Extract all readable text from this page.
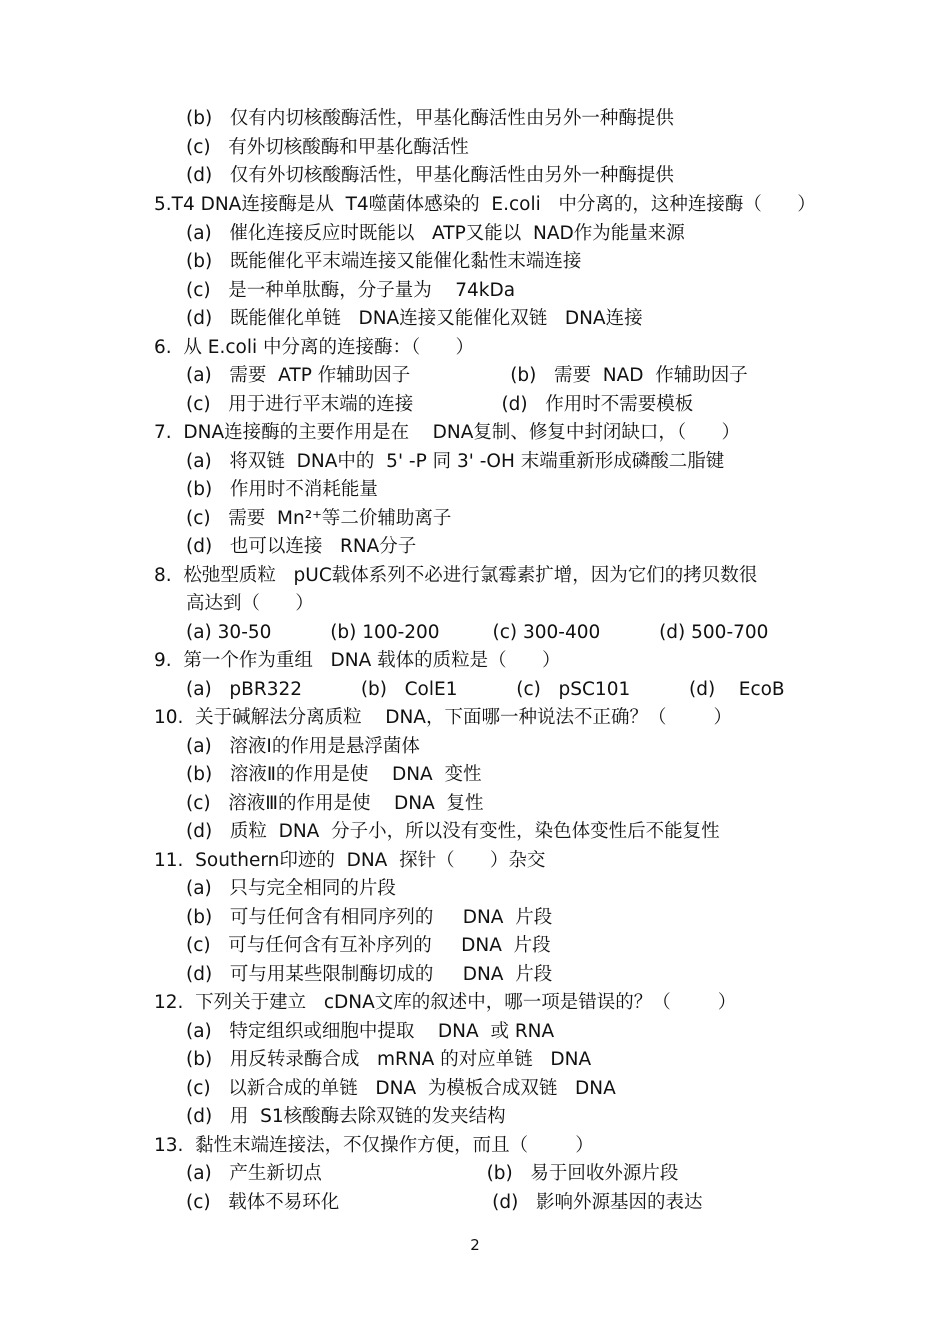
(b)   仅有内切核酸酶活性，甲基化酶活性由另外一种酶提供
(c)   有外切核酸酶和甲基化酶活性
(d)   仅有外切核酸酶活性，甲基化酶活性由另外一种酶提供
5.T4 DNA连接酶是从  T4噬菌体感染的  E.coli   中分离的，这种连接酶（      ）
(a)   催化连接反应时既能以   ATP又能以  NAD作为能量来源
(b)   既能催化平末端连接又能催化黏性末端连接
(c)   是一种单肽酶，分子量为    74kDa
(d)   既能催化单链   DNA连接又能催化双链   DNA连接
6.  从 E.coli 中分离的连接酶：（      ）
(a)   需要  ATP 作辅助因子                 (b)   需要  NAD  作辅助因子
(c)   用于进行平末端的连接               (d)   作用时不需要模板
7.  DNA连接酶的主要作用是在    DNA复制、修复中封闭缺口，（      ）
(a)   将双链  DNA中的  5' -P 同 3' -OH 末端重新形成磷酸二脂键
(b)   作用时不消耗能量
(c)   需要  Mn²⁺等二价辅助离子
(d)   也可以连接   RNA分子
8.  松弛型质粒   pUC载体系列不必进行氯霉素扩增，因为它们的拷贝数很
高达到（      ）
(a) 30-50          (b) 100-200         (c) 300-400          (d) 500-700
9.  第一个作为重组   DNA 载体的质粒是（      ）
(a)   pBR322          (b)   ColE1          (c)   pSC101          (d)    EcoB
10.  关于碱解法分离质粒    DNA，下面哪一种说法不正确？（        ）
(a)   溶液Ⅰ的作用是悬浮菌体
(b)   溶液Ⅱ的作用是使    DNA  变性
(c)   溶液Ⅲ的作用是使    DNA  复性
(d)   质粒  DNA  分子小，所以没有变性，染色体变性后不能复性
11.  Southern印迹的  DNA  探针（      ）杂交
(a)   只与完全相同的片段
(b)   可与任何含有相同序列的     DNA  片段
(c)   可与任何含有互补序列的     DNA  片段
(d)   可与用某些限制酶切成的     DNA  片段
12.  下列关于建立   cDNA文库的叙述中，哪一项是错误的？（        ）
(a)   特定组织或细胞中提取    DNA  或 RNA
(b)   用反转录酶合成   mRNA 的对应单链   DNA
(c)   以新合成的单链   DNA  为模板合成双链   DNA
(d)   用  S1核酸酶去除双链的发夹结构
13.  黏性末端连接法，不仅操作方便，而且（        ）
(a)   产生新切点                            (b)   易于回收外源片段
(c)   载体不易环化                          (d)   影响外源基因的表达
2
